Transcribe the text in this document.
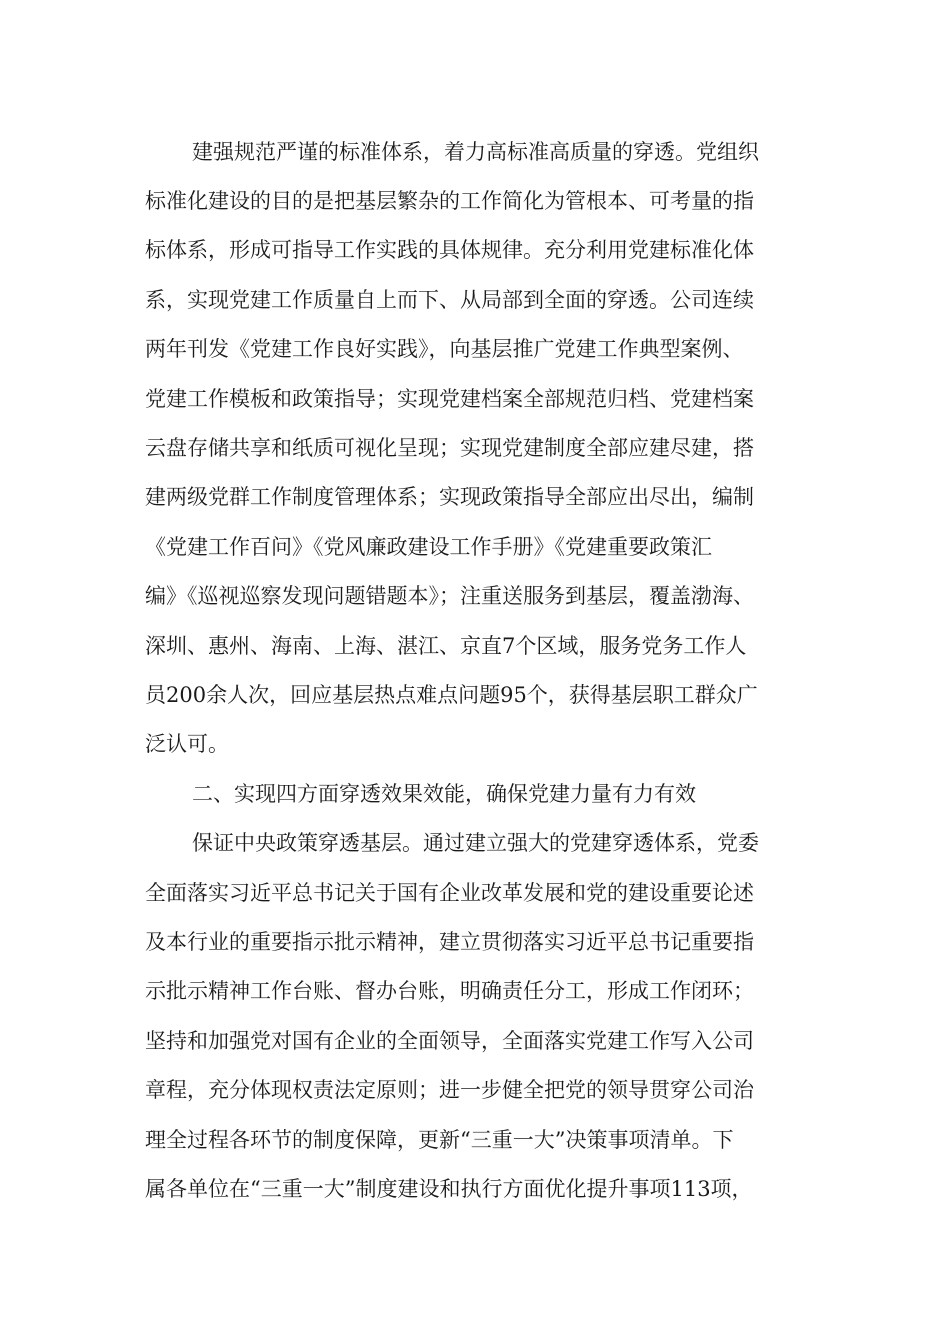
建强规范严谨的标准体系，着力高标准高质量的穿透。党组织
标准化建设的目的是把基层繁杂的工作简化为管根本、可考量的指
标体系，形成可指导工作实践的具体规律。充分利用党建标准化体
系，实现党建工作质量自上而下、从局部到全面的穿透。公司连续
两年刊发《党建工作良好实践》，向基层推广党建工作典型案例、
党建工作模板和政策指导；实现党建档案全部规范归档、党建档案
云盘存储共享和纸质可视化呈现；实现党建制度全部应建尽建，搭
建两级党群工作制度管理体系；实现政策指导全部应出尽出，编制
《党建工作百问》《党风廉政建设工作手册》《党建重要政策汇
编》《巡视巡察发现问题错题本》；注重送服务到基层，覆盖渤海、
深圳、惠州、海南、上海、湛江、京直7个区域，服务党务工作人
员200余人次，回应基层热点难点问题95个，获得基层职工群众广
泛认可。
二、实现四方面穿透效果效能，确保党建力量有力有效
保证中央政策穿透基层。通过建立强大的党建穿透体系，党委
全面落实习近平总书记关于国有企业改革发展和党的建设重要论述
及本行业的重要指示批示精神，建立贯彻落实习近平总书记重要指
示批示精神工作台账、督办台账，明确责任分工，形成工作闭环；
坚持和加强党对国有企业的全面领导，全面落实党建工作写入公司
章程，充分体现权责法定原则；进一步健全把党的领导贯穿公司治
理全过程各环节的制度保障，更新“三重一大”决策事项清单。下
属各单位在“三重一大”制度建设和执行方面优化提升事项113项，
